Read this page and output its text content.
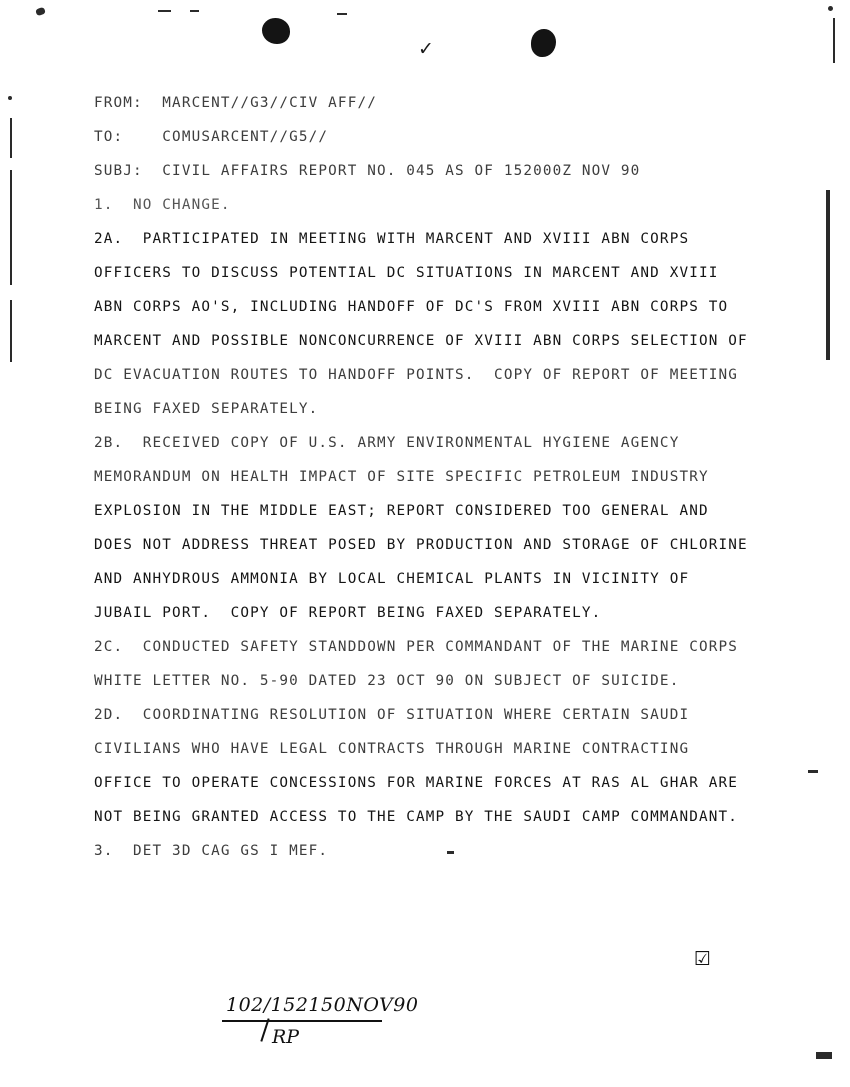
✓
FROM:  MARCENT//G3//CIV AFF//
TO:    COMUSARCENT//G5//
SUBJ:  CIVIL AFFAIRS REPORT NO. 045 AS OF 152000Z NOV 90
1.  NO CHANGE.
2A.  PARTICIPATED IN MEETING WITH MARCENT AND XVIII ABN CORPS
OFFICERS TO DISCUSS POTENTIAL DC SITUATIONS IN MARCENT AND XVIII
ABN CORPS AO'S, INCLUDING HANDOFF OF DC'S FROM XVIII ABN CORPS TO
MARCENT AND POSSIBLE NONCONCURRENCE OF XVIII ABN CORPS SELECTION OF
DC EVACUATION ROUTES TO HANDOFF POINTS.  COPY OF REPORT OF MEETING
BEING FAXED SEPARATELY.
2B.  RECEIVED COPY OF U.S. ARMY ENVIRONMENTAL HYGIENE AGENCY
MEMORANDUM ON HEALTH IMPACT OF SITE SPECIFIC PETROLEUM INDUSTRY
EXPLOSION IN THE MIDDLE EAST; REPORT CONSIDERED TOO GENERAL AND
DOES NOT ADDRESS THREAT POSED BY PRODUCTION AND STORAGE OF CHLORINE
AND ANHYDROUS AMMONIA BY LOCAL CHEMICAL PLANTS IN VICINITY OF
JUBAIL PORT.  COPY OF REPORT BEING FAXED SEPARATELY.
2C.  CONDUCTED SAFETY STANDDOWN PER COMMANDANT OF THE MARINE CORPS
WHITE LETTER NO. 5-90 DATED 23 OCT 90 ON SUBJECT OF SUICIDE.
2D.  COORDINATING RESOLUTION OF SITUATION WHERE CERTAIN SAUDI
CIVILIANS WHO HAVE LEGAL CONTRACTS THROUGH MARINE CONTRACTING
OFFICE TO OPERATE CONCESSIONS FOR MARINE FORCES AT RAS AL GHAR ARE
NOT BEING GRANTED ACCESS TO THE CAMP BY THE SAUDI CAMP COMMANDANT.
3.  DET 3D CAG GS I MEF.
☑
102/152150NOV90
RP
